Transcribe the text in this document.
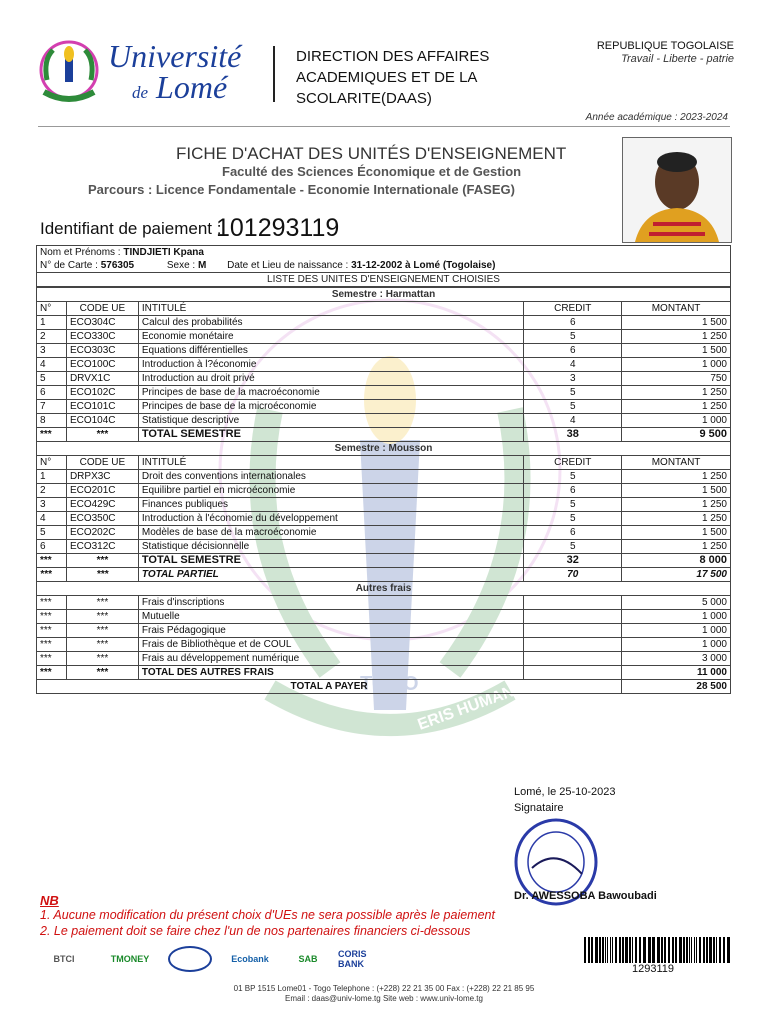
TOGO
ERIS HUMANI FIDES
Université
de Lomé
DIRECTION DES AFFAIRES ACADEMIQUES ET DE LA SCOLARITE(DAAS)
REPUBLIQUE TOGOLAISE
Travail - Liberte - patrie
Année académique : 2023-2024
FICHE D'ACHAT DES UNITÉS D'ENSEIGNEMENT
Faculté des Sciences Économique et de Gestion
Parcours : Licence Fondamentale - Economie Internationale (FASEG)
Identifiant de paiement :
101293119
Nom et Prénoms : TINDJIETI Kpana
N° de Carte : 576305	Sexe : M Date et Lieu de naissance : 31-12-2002 à Lomé (Togolaise)
LISTE DES UNITES D'ENSEIGNEMENT CHOISIES
Semestre : Harmattan				
N°	CODE UE	INTITULÉ	CREDIT	MONTANT
1	ECO304C	Calcul des probabilités	6	1 500
2	ECO330C	Economie monétaire	5	1 250
3	ECO303C	Equations différentielles	6	1 500
4	ECO100C	Introduction à l?économie	4	1 000
5	DRVX1C	Introduction au droit privé	3	750
6	ECO102C	Principes de base de la macroéconomie	5	1 250
7	ECO101C	Principes de base de la microéconomie	5	1 250
8	ECO104C	Statistique descriptive	4	1 000
***	***	TOTAL SEMESTRE	38	9 500
Semestre : Mousson				
N°	CODE UE	INTITULÉ	CREDIT	MONTANT
1	DRPX3C	Droit des conventions internationales	5	1 250
2	ECO201C	Equilibre partiel en microéconomie	6	1 500
3	ECO429C	Finances publiques	5	1 250
4	ECO350C	Introduction à l'économie du développement	5	1 250
5	ECO202C	Modèles de base de la macroéconomie	6	1 500
6	ECO312C	Statistique décisionnelle	5	1 250
***	***	TOTAL SEMESTRE	32	8 000
***	***	TOTAL PARTIEL	70	17 500
Autres frais				
***	***	Frais d'inscriptions		5 000
***	***	Mutuelle		1 000
***	***	Frais Pédagogique		1 000
***	***	Frais de Bibliothèque et de COUL		1 000
***	***	Frais au développement numérique		3 000
***	***	TOTAL DES AUTRES FRAIS		11 000
TOTAL A PAYER				28 500
Lomé, le 25-10-2023
Signataire
Dr. AWESSOBA Bawoubadi
NB
1. Aucune modification du présent choix d'UEs ne sera possible après le paiement
2. Le paiement doit se faire chez l'un de nos partenaires financiers ci-dessous
BTCI	TMONEY	Ecobank	SAB CORIS BANK	1293119
01 BP 1515 Lome01 - Togo Telephone : (+228) 22 21 35 00 Fax : (+228) 22 21 85 95
Email : daas@univ-lome.tg Site web : www.univ-lome.tg
